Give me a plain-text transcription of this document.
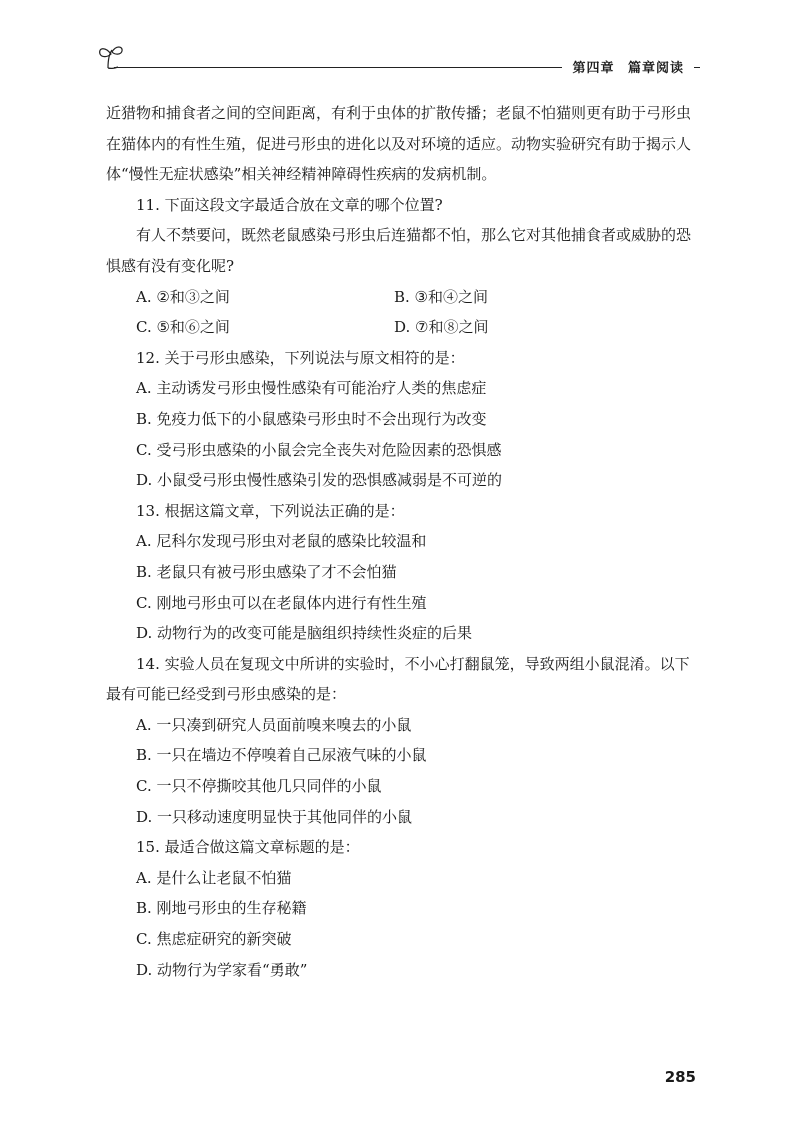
第四章 篇章阅读

近猎物和捕食者之间的空间距离，有利于虫体的扩散传播；老鼠不怕猫则更有助于弓形虫在猫体内的有性生殖，促进弓形虫的进化以及对环境的适应。动物实验研究有助于揭示人体“慢性无症状感染”相关神经精神障碍性疾病的发病机制。

11. 下面这段文字最适合放在文章的哪个位置?

有人不禁要问，既然老鼠感染弓形虫后连猫都不怕，那么它对其他捕食者或威胁的恐惧感有没有变化呢?

A. ②和③之间	B. ③和④之间
C. ⑤和⑥之间	D. ⑦和⑧之间

12. 关于弓形虫感染，下列说法与原文相符的是：

A. 主动诱发弓形虫慢性感染有可能治疗人类的焦虑症

B. 免疫力低下的小鼠感染弓形虫时不会出现行为改变

C. 受弓形虫感染的小鼠会完全丧失对危险因素的恐惧感

D. 小鼠受弓形虫慢性感染引发的恐惧感减弱是不可逆的

13. 根据这篇文章，下列说法正确的是：

A. 尼科尔发现弓形虫对老鼠的感染比较温和

B. 老鼠只有被弓形虫感染了才不会怕猫

C. 刚地弓形虫可以在老鼠体内进行有性生殖

D. 动物行为的改变可能是脑组织持续性炎症的后果

14. 实验人员在复现文中所讲的实验时，不小心打翻鼠笼，导致两组小鼠混淆。以下最有可能已经受到弓形虫感染的是：

A. 一只凑到研究人员面前嗅来嗅去的小鼠

B. 一只在墙边不停嗅着自己尿液气味的小鼠

C. 一只不停撕咬其他几只同伴的小鼠

D. 一只移动速度明显快于其他同伴的小鼠

15. 最适合做这篇文章标题的是：

A. 是什么让老鼠不怕猫

B. 刚地弓形虫的生存秘籍

C. 焦虑症研究的新突破

D. 动物行为学家看“勇敢”

285
